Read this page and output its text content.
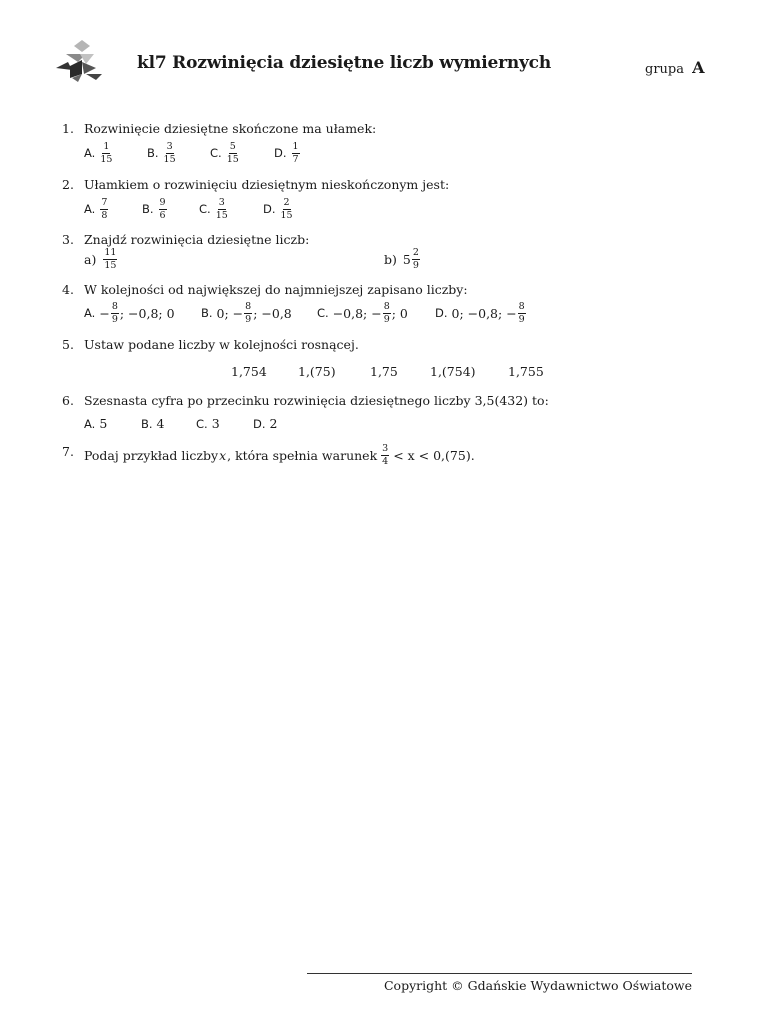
kl7 Rozwinięcia dziesiętne liczb wymiernych	grupa A
1. Rozwinięcie dziesiętne skończone ma ułamek:
A. $\frac{1}{15}$	B. $\frac{3}{15}$	C. $\frac{5}{15}$	D. $\frac{1}{7}$
2. Ułamkiem o rozwinięciu dziesiętnym nieskończonym jest:
A. $\frac{7}{8}$	B. $\frac{9}{6}$	C. $\frac{3}{15}$	D. $\frac{2}{15}$
3. Znajdź rozwinięcia dziesiętne liczb:
$a) \frac{11}{15}$	b) $5 \frac{2}{9}$
4. W kolejności od największej do najmniejszej zapisano liczby:
A. − $\frac{8}{9}$ ; −0,8; 0 B. 0; − $\frac{8}{9}$ ; −0,8 C. −0,8; − $\frac{8}{9}$ ; 0 D. 0; −0,8; − $\frac{8}{9}$
5. Ustaw podane liczby w kolejności rosnącej.
1,754 1,(75)	1,75	1,(754)	1,755
6. Szesnasta cyfra po przecinku rozwinięcia dziesiętnego liczby 3,5(432) to:
A. 5	B. 4	C. 3	D. 2
7. Podaj przykład liczby x , która spełnia warunek $\frac{3}{4} < x < 0,(75)$.
Copyright © Gdańskie Wydawnictwo Oświatowe
